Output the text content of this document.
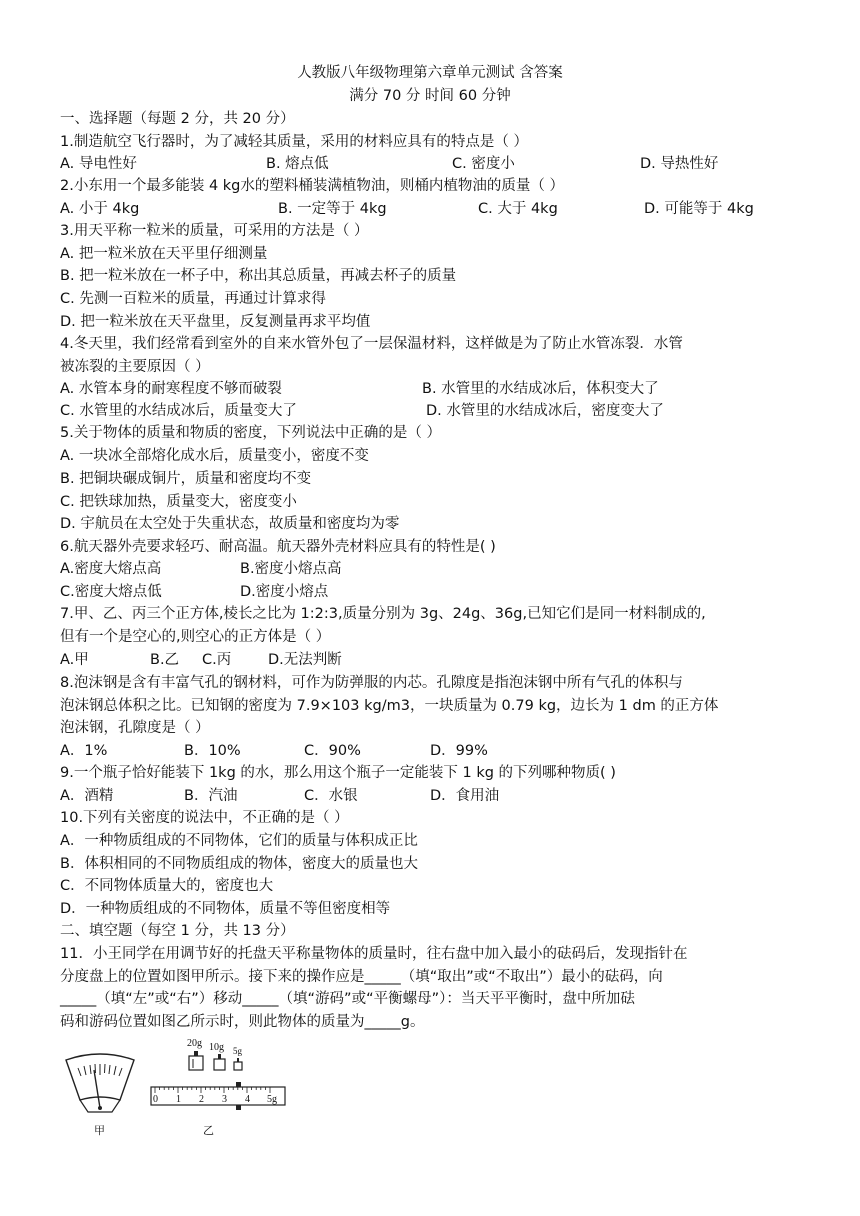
人教版八年级物理第六章单元测试 含答案
满分 70 分 时间 60 分钟
一、选择题（每题 2 分，共 20 分）
1.制造航空飞行器时，为了减轻其质量，采用的材料应具有的特点是（ ）
A. 导电性好	B. 熔点低	C. 密度小	D. 导热性好
2.小东用一个最多能装 4 kg水的塑料桶装满植物油，则桶内植物油的质量（ ）
A. 小于 4kg	B. 一定等于 4kg	C. 大于 4kg	D. 可能等于 4kg
3.用天平称一粒米的质量，可采用的方法是（ ）
A. 把一粒米放在天平里仔细测量
B. 把一粒米放在一杯子中，称出其总质量，再减去杯子的质量
C. 先测一百粒米的质量，再通过计算求得
D. 把一粒米放在天平盘里，反复测量再求平均值
4.冬天里，我们经常看到室外的自来水管外包了一层保温材料，这样做是为了防止水管冻裂．水管
被冻裂的主要原因（ ）
A. 水管本身的耐寒程度不够而破裂	B. 水管里的水结成冰后，体积变大了
C. 水管里的水结成冰后，质量变大了	D. 水管里的水结成冰后，密度变大了
5.关于物体的质量和物质的密度，下列说法中正确的是（ ）
A. 一块冰全部熔化成水后，质量变小，密度不变
B. 把铜块碾成铜片，质量和密度均不变
C. 把铁球加热，质量变大，密度变小
D. 宇航员在太空处于失重状态，故质量和密度均为零
6.航天器外壳要求轻巧、耐高温。航天器外壳材料应具有的特性是( )
A.密度大熔点高	B.密度小熔点高
C.密度大熔点低	D.密度小熔点
7.甲、乙、丙三个正方体,棱长之比为 1:2:3,质量分别为 3g、24g、36g,已知它们是同一材料制成的,
但有一个是空心的,则空心的正方体是（ ）
A.甲	B.乙 C.丙	D.无法判断
8.泡沫钢是含有丰富气孔的钢材料，可作为防弹服的内芯。孔隙度是指泡沫钢中所有气孔的体积与
泡沫钢总体积之比。已知钢的密度为 7.9×103 kg/m3，一块质量为 0.79 kg，边长为 1 dm 的正方体
泡沫钢，孔隙度是（ ）
A．1%	B．10%	C．90%	D．99%
9.一个瓶子恰好能装下 1kg 的水，那么用这个瓶子一定能装下 1 kg 的下列哪种物质( )
A．酒精	B．汽油	C．水银	D．食用油
10.下列有关密度的说法中，不正确的是（ ）
A．一种物质组成的不同物体，它们的质量与体积成正比
B．体积相同的不同物质组成的物体，密度大的质量也大
C．不同物体质量大的，密度也大
D．一种物质组成的不同物体，质量不等但密度相等
二、填空题（每空 1 分，共 13 分）
11．小王同学在用调节好的托盘天平称量物体的质量时，往右盘中加入最小的砝码后，发现指针在
分度盘上的位置如图甲所示。接下来的操作应是_____（填“取出”或“不取出”）最小的砝码，向
_____（填“左”或“右”）移动_____（填“游码”或“平衡螺母”）：当天平平衡时，盘中所加砝
码和游码位置如图乙所示时，则此物体的质量为_____g。
甲
20g 10g 5g
0 1 2 3 4 5g
乙
